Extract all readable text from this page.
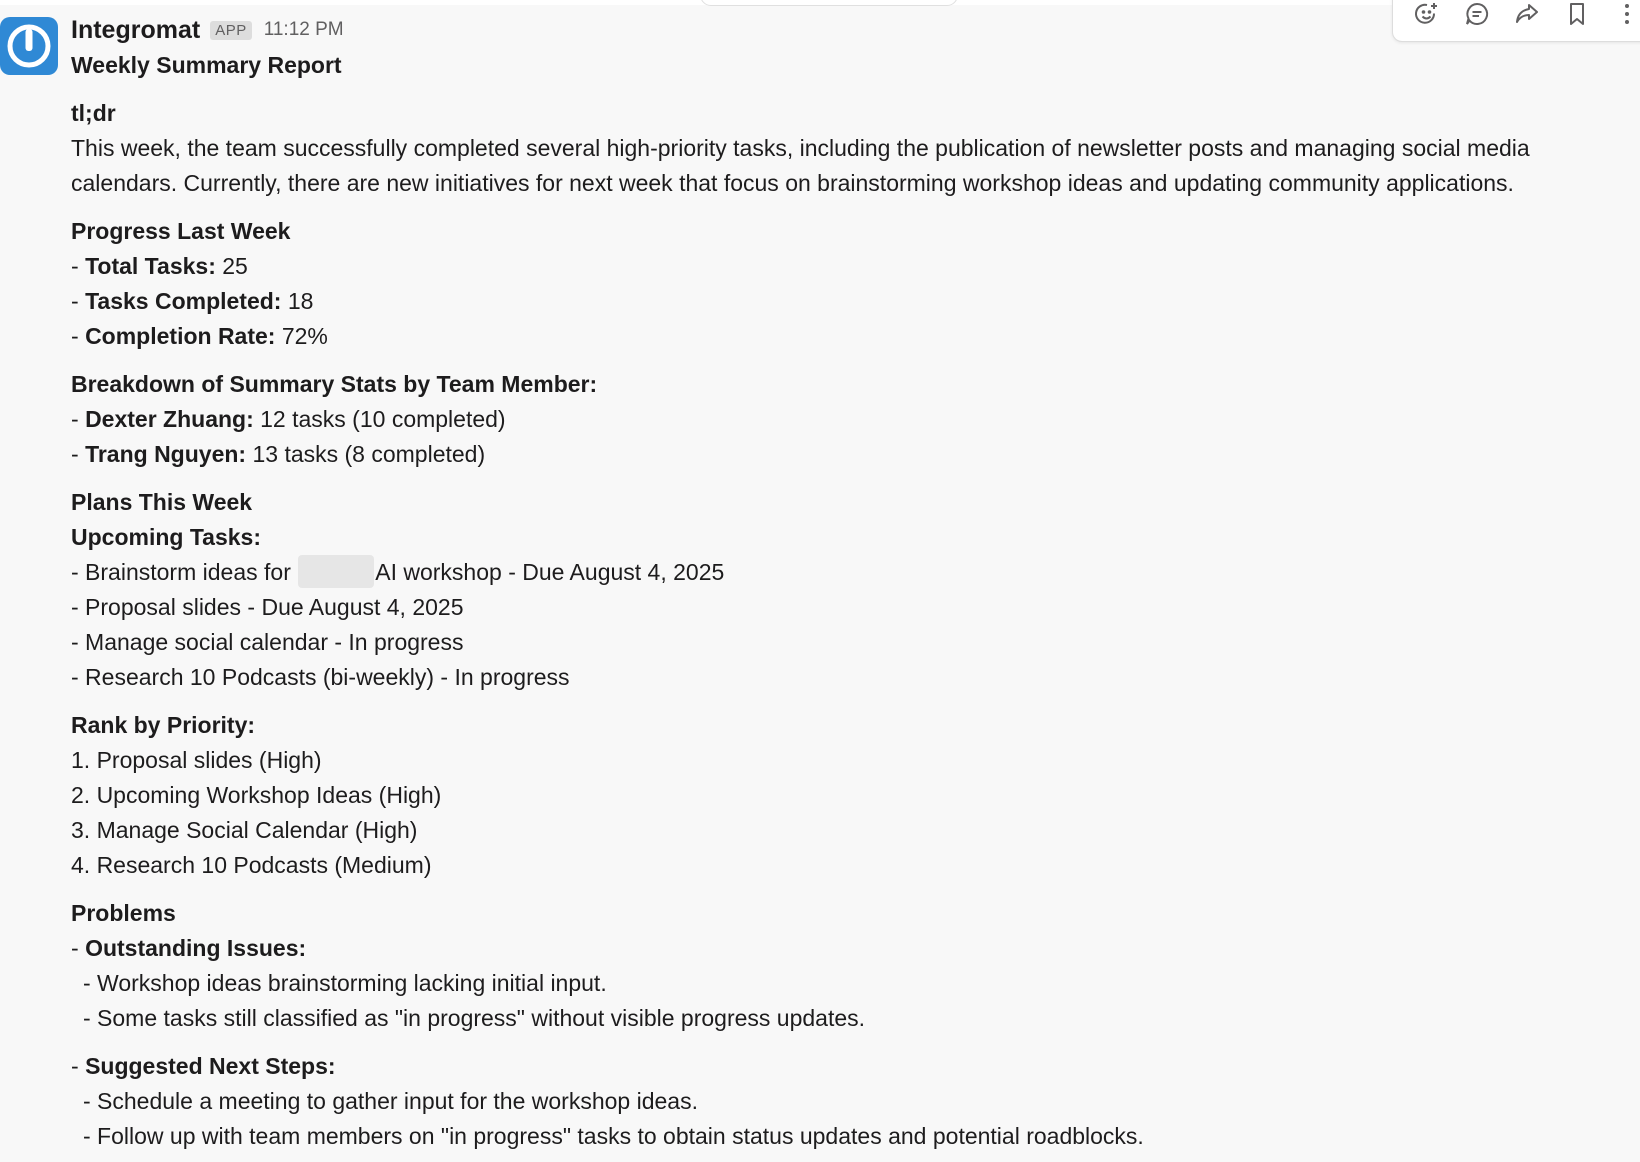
Integromat	APP 11:12 PM

Weekly Summary Report

tl;dr

This week, the team successfully completed several high-priority tasks, including the publication of newsletter posts and managing social media calendars. Currently, there are new initiatives for next week that focus on brainstorming workshop ideas and updating community applications.

Progress Last Week

- Total Tasks: 25

- Tasks Completed: 18

- Completion Rate: 72%

Breakdown of Summary Stats by Team Member:

- Dexter Zhuang: 12 tasks (10 completed)

- Trang Nguyen: 13 tasks (8 completed)

Plans This Week

Upcoming Tasks:

- Brainstorm ideas for	AI workshop - Due August 4, 2025

- Proposal slides - Due August 4, 2025

- Manage social calendar - In progress

- Research 10 Podcasts (bi-weekly) - In progress

Rank by Priority:

1. Proposal slides (High)

2. Upcoming Workshop Ideas (High)

3. Manage Social Calendar (High)

4. Research 10 Podcasts (Medium)

Problems

- Outstanding Issues:

- Workshop ideas brainstorming lacking initial input.

- Some tasks still classified as "in progress" without visible progress updates.

- Suggested Next Steps:

- Schedule a meeting to gather input for the workshop ideas.

- Follow up with team members on "in progress" tasks to obtain status updates and potential roadblocks.
